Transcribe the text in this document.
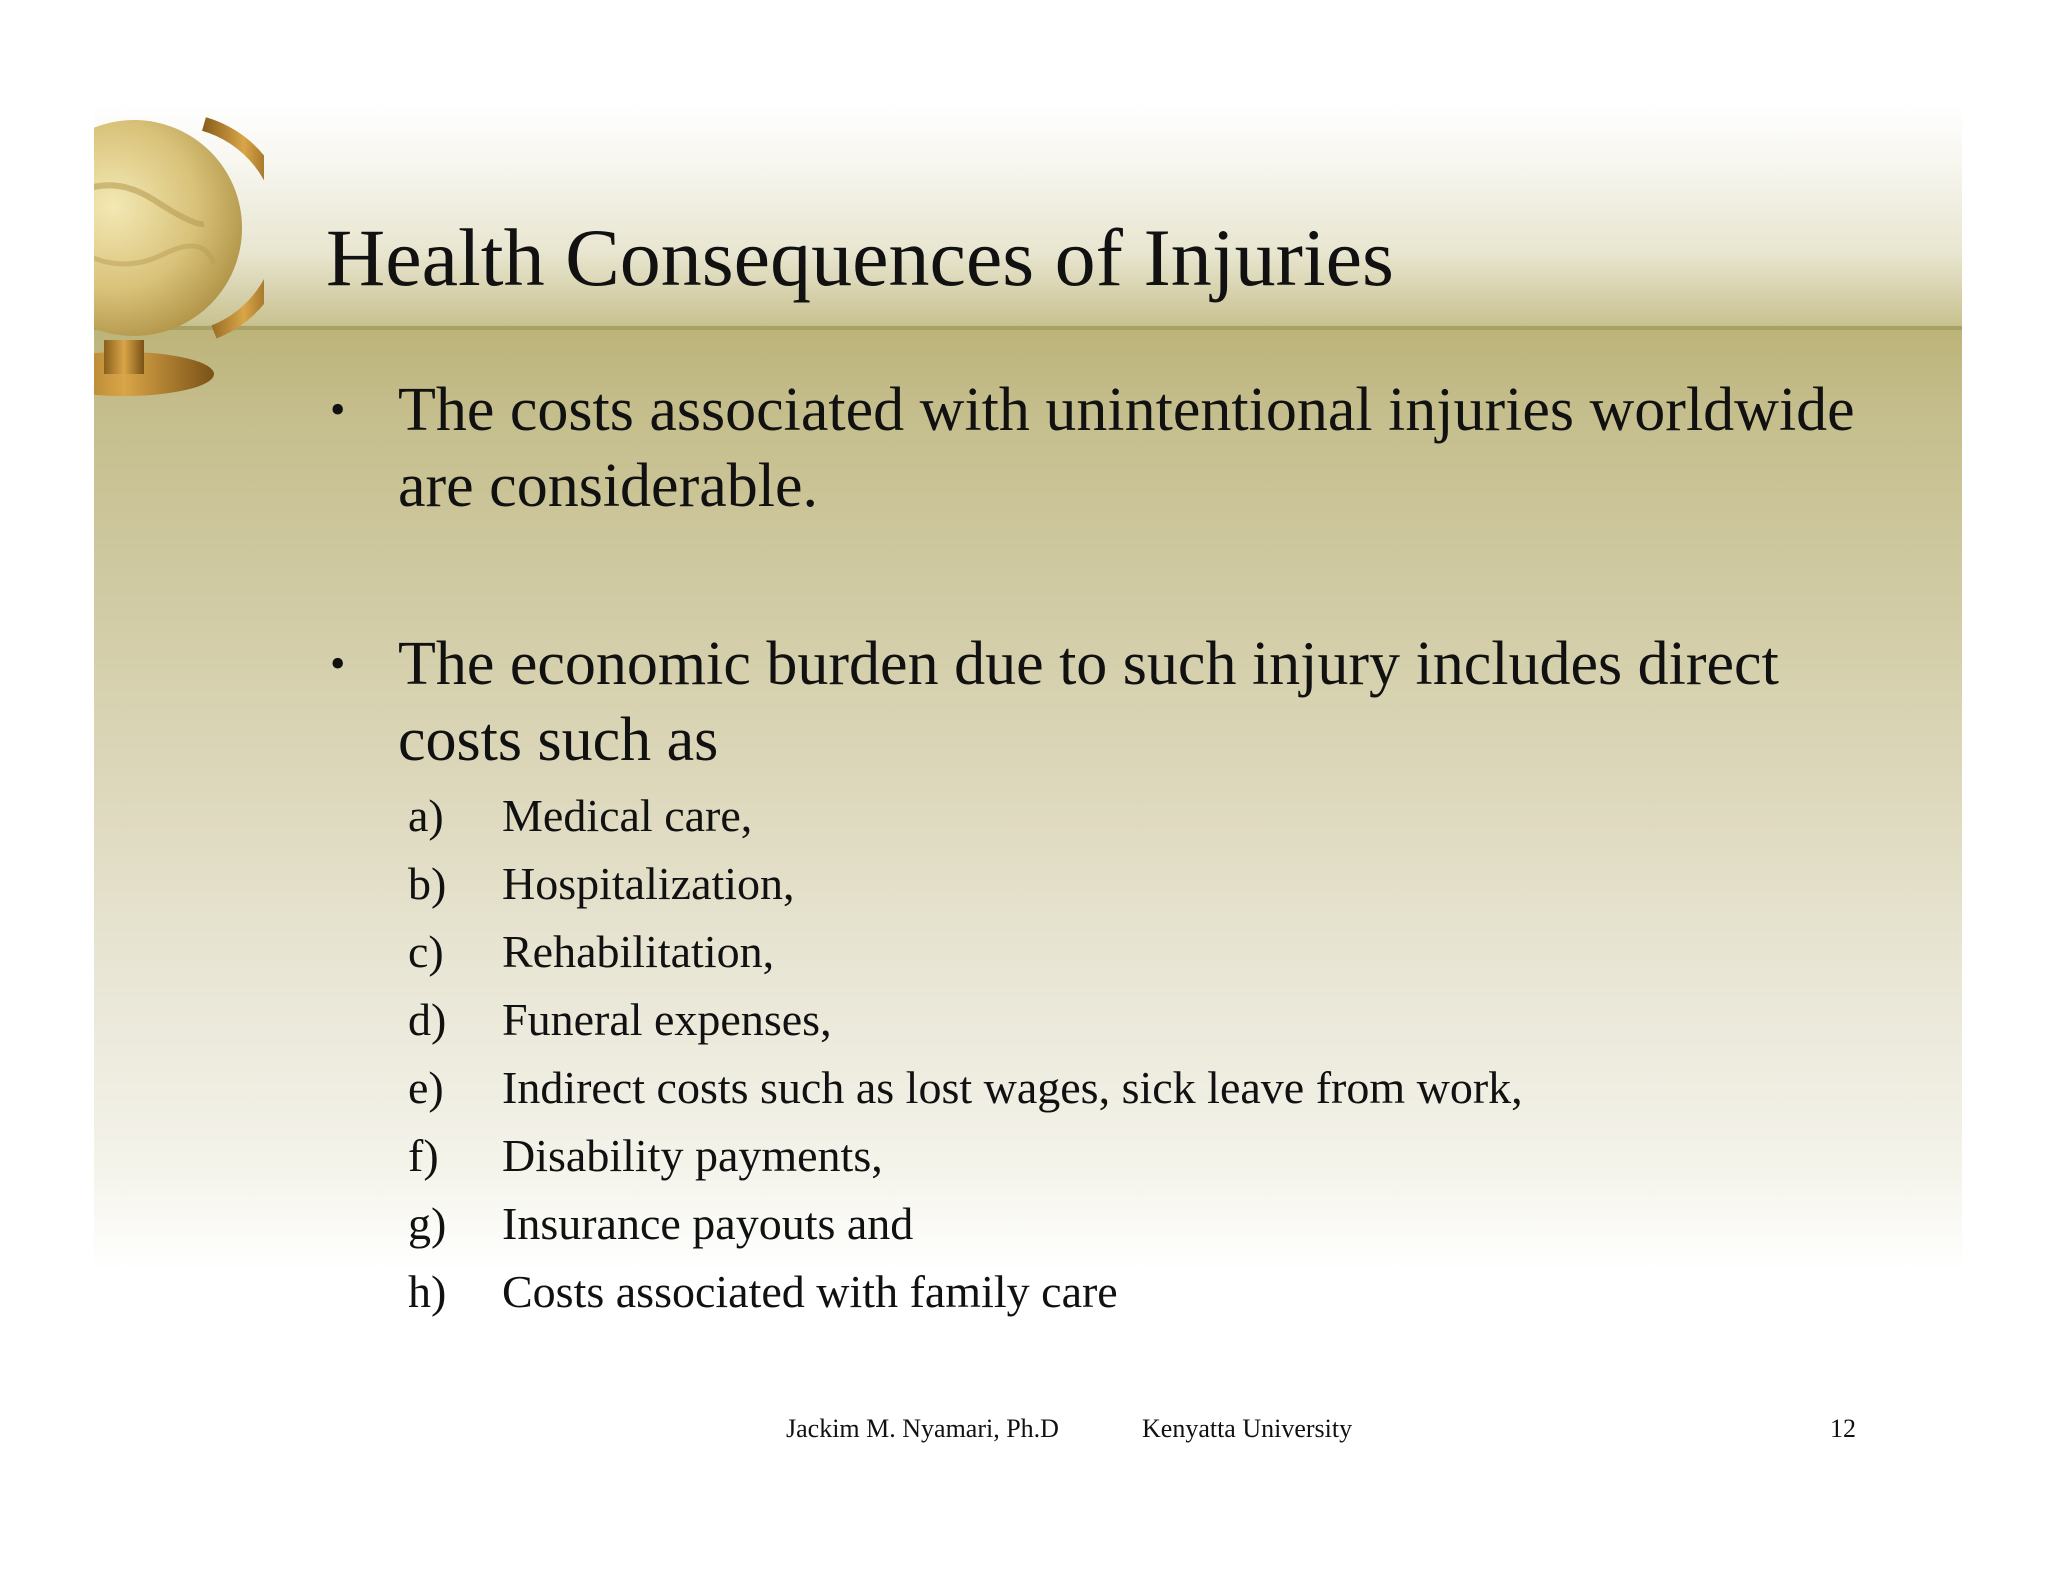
Health Consequences of Injuries
• The costs associated with unintentional injuries worldwide are considerable.
• The economic burden due to such injury includes direct costs such as
a) Medical care,
b) Hospitalization,
c) Rehabilitation,
d) Funeral expenses,
e) Indirect costs such as lost wages, sick leave from work,
f) Disability payments,
g) Insurance payouts and
h) Costs associated with family care
Jackim M. Nyamari, Ph.D	Kenyatta University	12
